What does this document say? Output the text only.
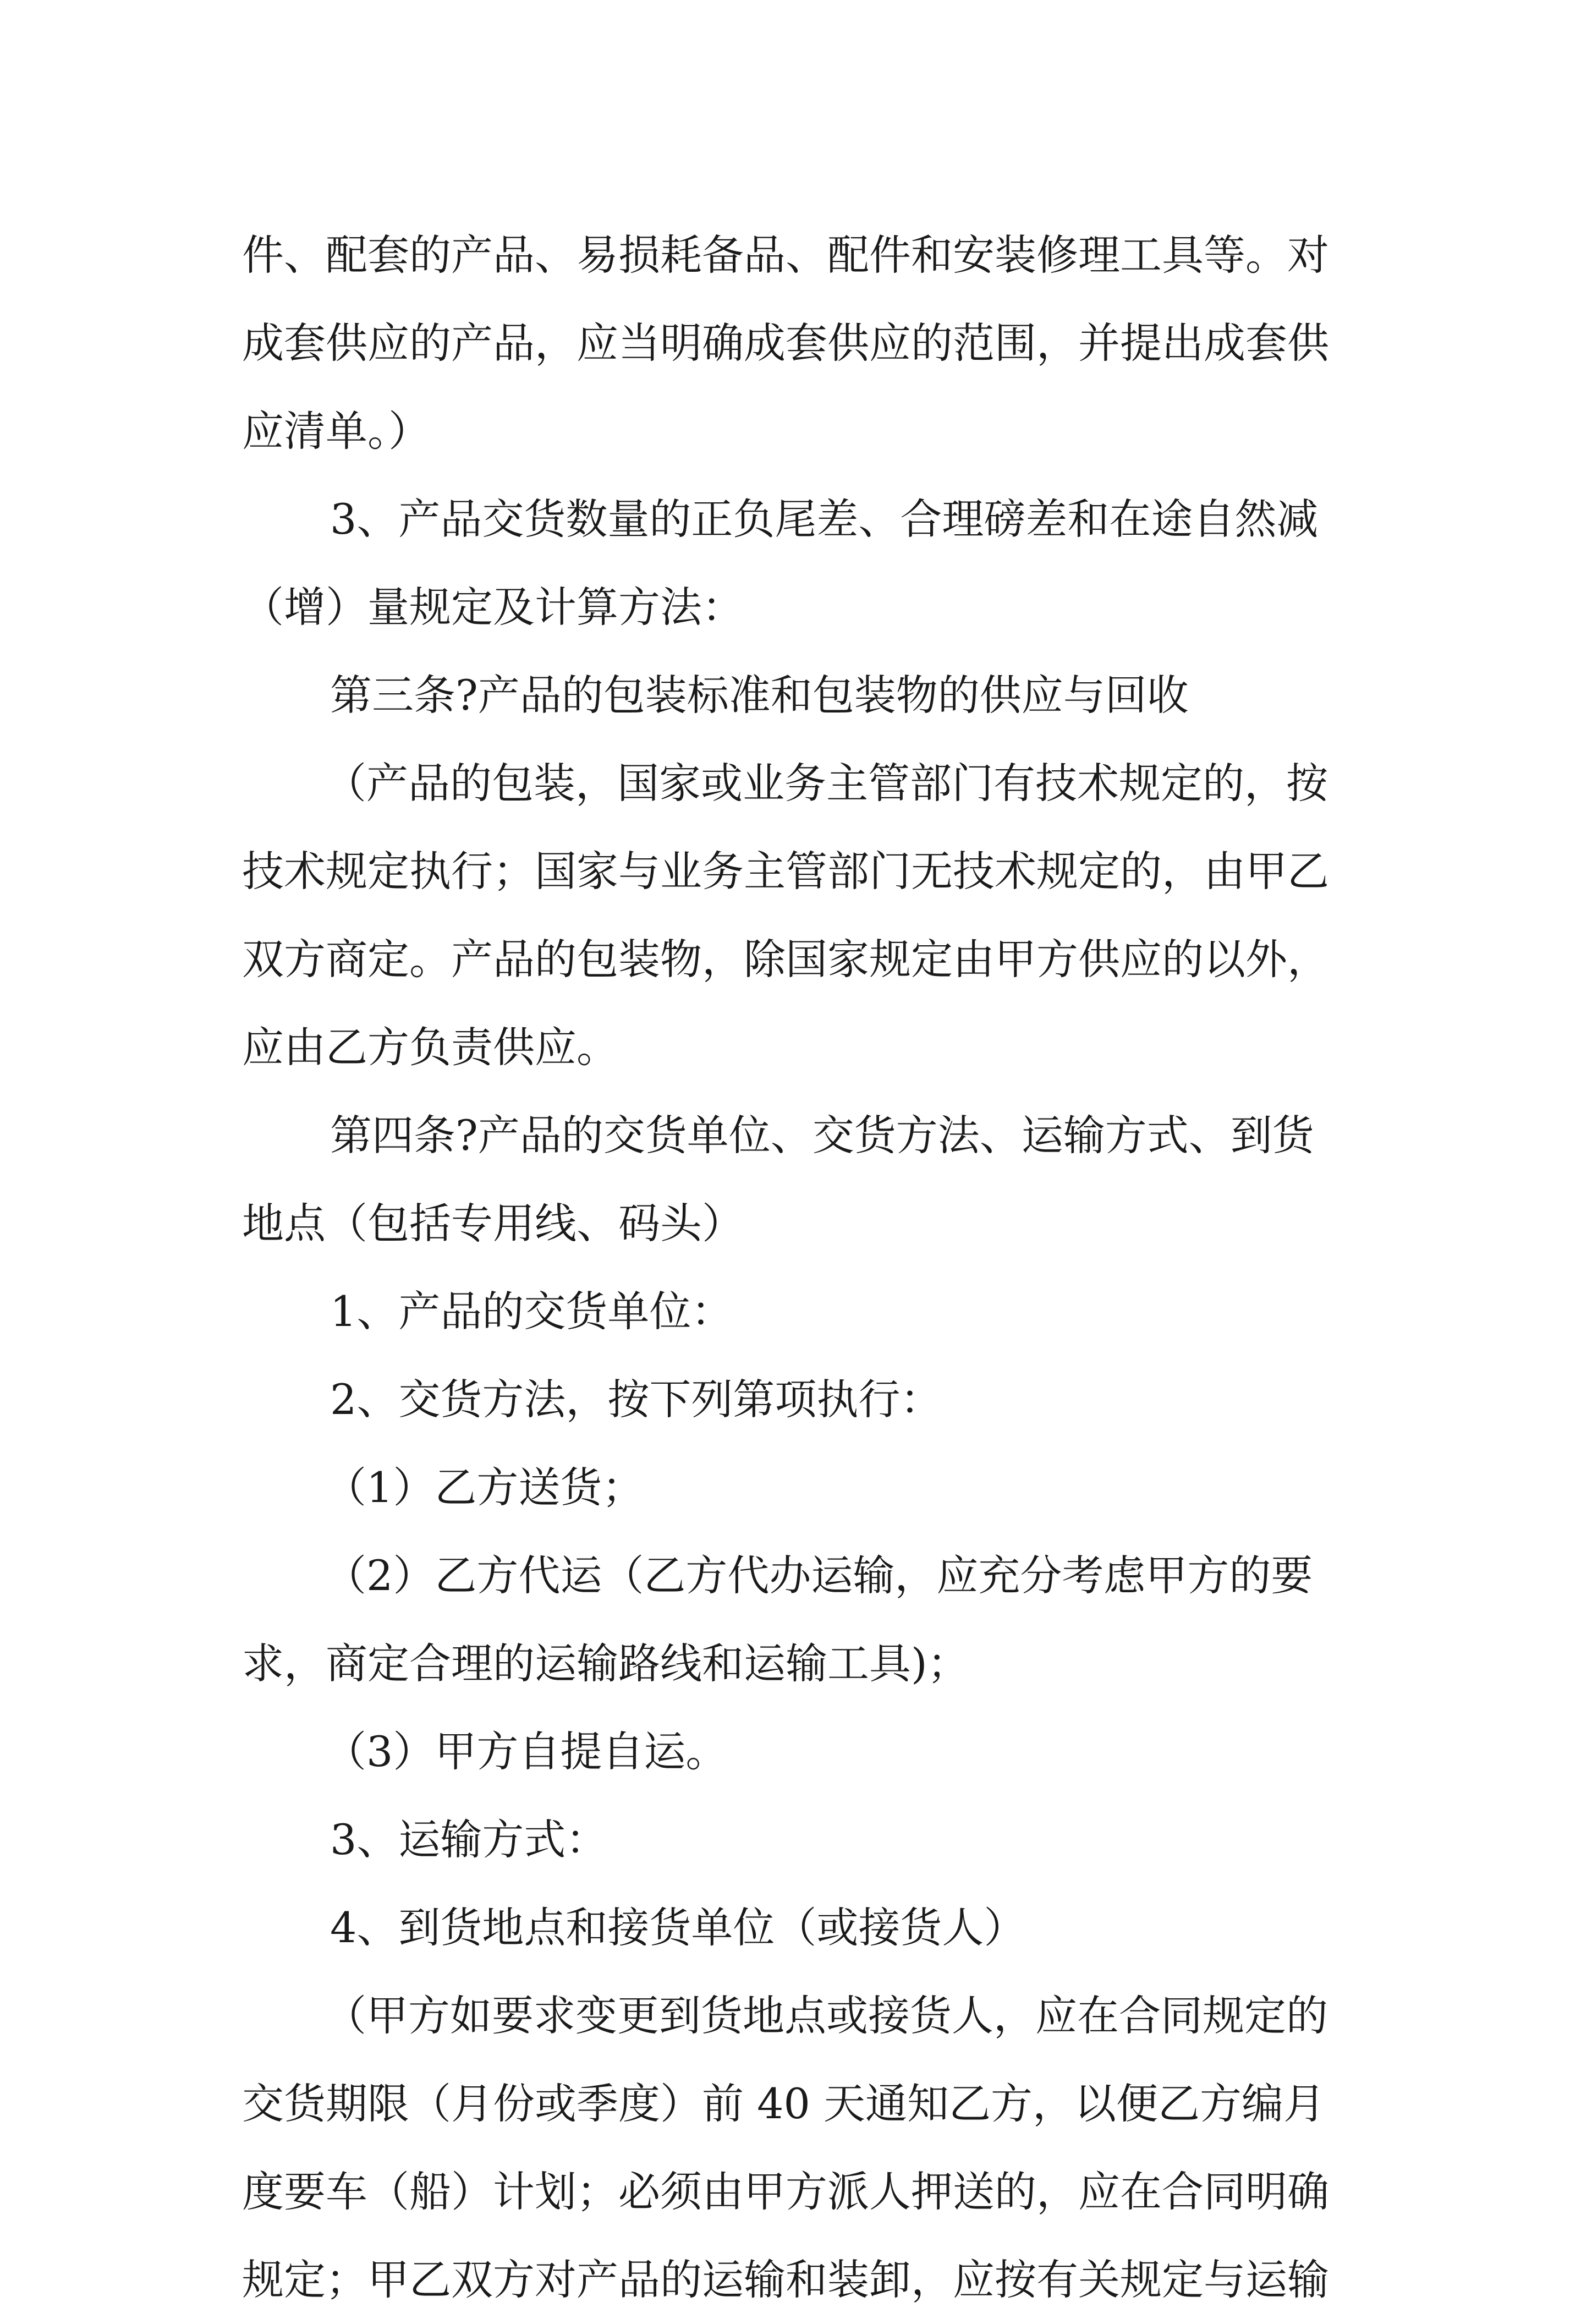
件、配套的产品、易损耗备品、配件和安装修理工具等。对
成套供应的产品，应当明确成套供应的范围，并提出成套供
应清单。）
3、产品交货数量的正负尾差、合理磅差和在途自然减
（增）量规定及计算方法：
第三条?产品的包装标准和包装物的供应与回收
（产品的包装，国家或业务主管部门有技术规定的，按
技术规定执行；国家与业务主管部门无技术规定的，由甲乙
双方商定。产品的包装物，除国家规定由甲方供应的以外，
应由乙方负责供应。
第四条?产品的交货单位、交货方法、运输方式、到货
地点（包括专用线、码头）
1、产品的交货单位：
2、交货方法，按下列第项执行：
（1）乙方送货；
（2）乙方代运（乙方代办运输，应充分考虑甲方的要
求，商定合理的运输路线和运输工具)；
（3）甲方自提自运。
3、运输方式：
4、到货地点和接货单位（或接货人）
（甲方如要求变更到货地点或接货人，应在合同规定的
交货期限（月份或季度）前 40 天通知乙方，以便乙方编月
度要车（船）计划；必须由甲方派人押送的，应在合同明确
规定；甲乙双方对产品的运输和装卸，应按有关规定与运输
